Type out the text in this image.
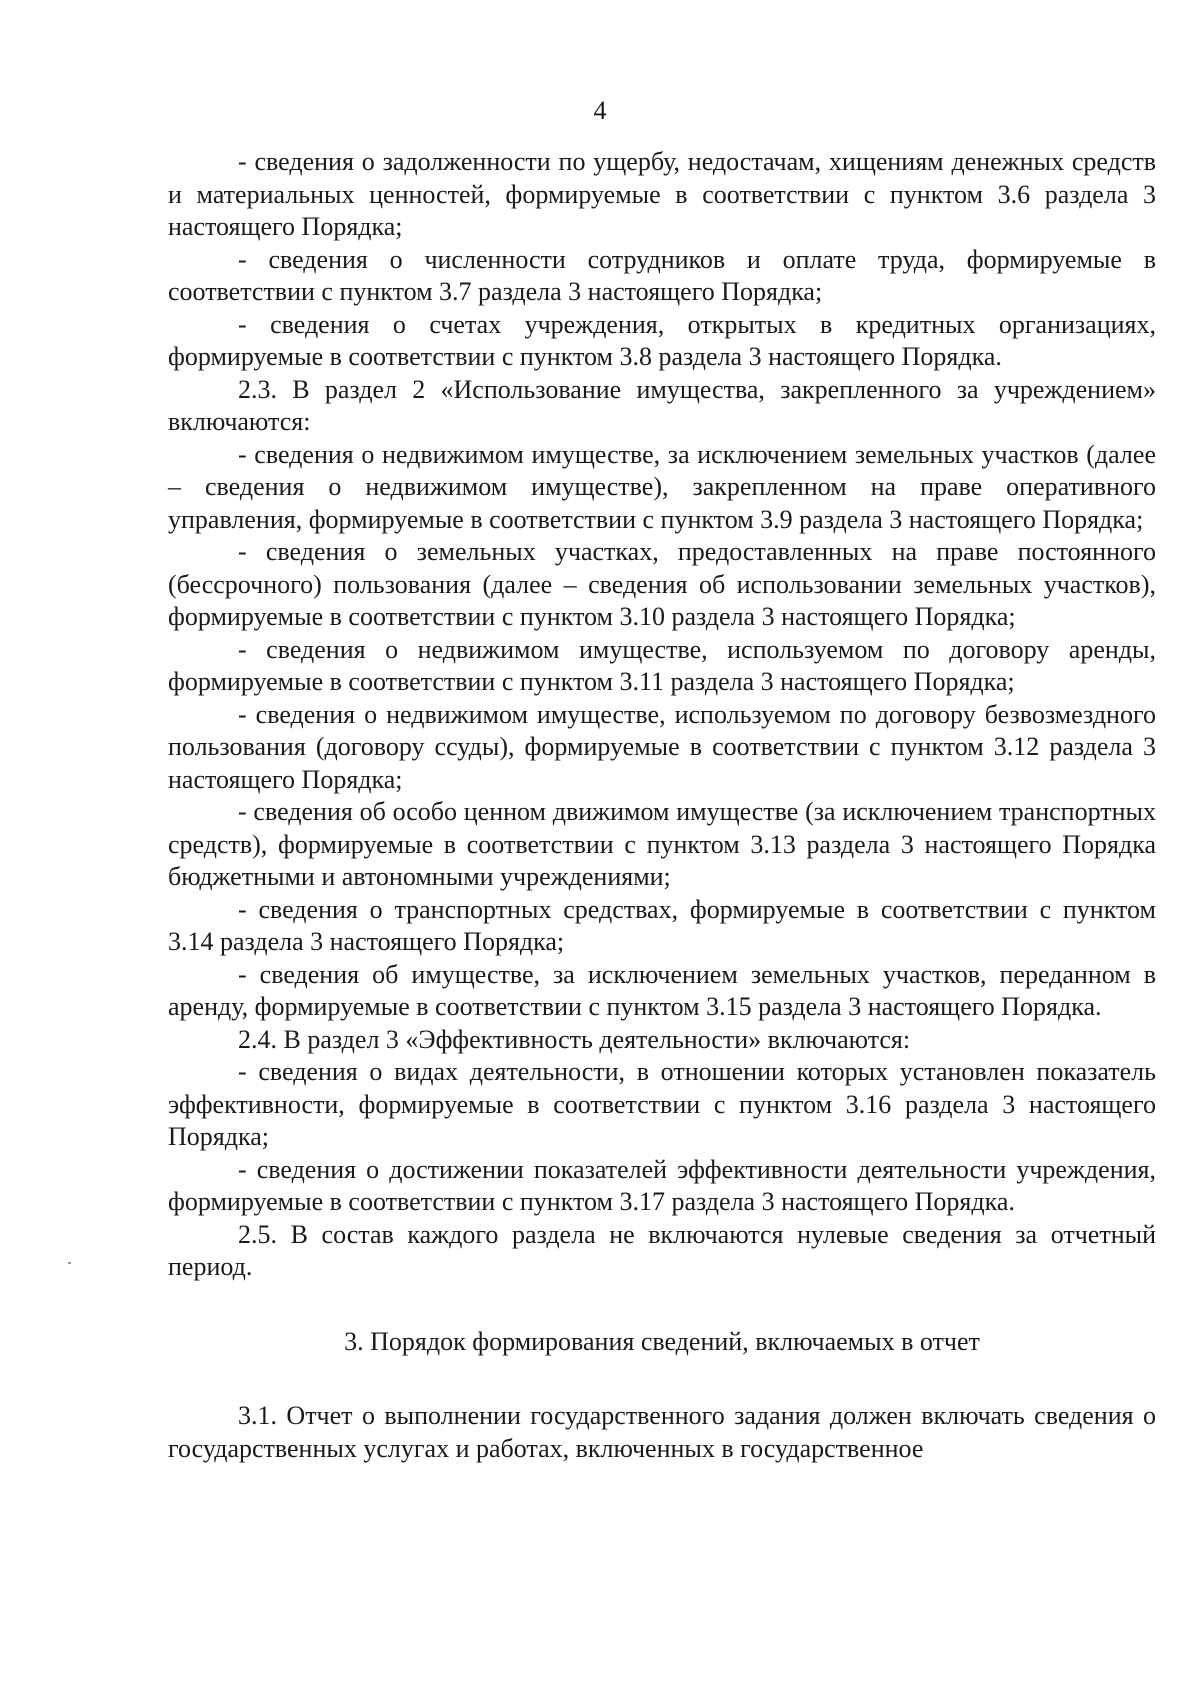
4

- сведения о задолженности по ущербу, недостачам, хищениям денежных средств и материальных ценностей, формируемые в соответствии с пунктом 3.6 раздела 3 настоящего Порядка;

- сведения о численности сотрудников и оплате труда, формируемые в соответствии с пунктом 3.7 раздела 3 настоящего Порядка;

- сведения о счетах учреждения, открытых в кредитных организациях, формируемые в соответствии с пунктом 3.8 раздела 3 настоящего Порядка.

2.3. В раздел 2 «Использование имущества, закрепленного за учреждением» включаются:

- сведения о недвижимом имуществе, за исключением земельных участков (далее – сведения о недвижимом имуществе), закрепленном на праве оперативного управления, формируемые в соответствии с пунктом 3.9 раздела 3 настоящего Порядка;

- сведения о земельных участках, предоставленных на праве постоянного (бессрочного) пользования (далее – сведения об использовании земельных участков), формируемые в соответствии с пунктом 3.10 раздела 3 настоящего Порядка;

- сведения о недвижимом имуществе, используемом по договору аренды, формируемые в соответствии с пунктом 3.11 раздела 3 настоящего Порядка;

- сведения о недвижимом имуществе, используемом по договору безвозмездного пользования (договору ссуды), формируемые в соответствии с пунктом 3.12 раздела 3 настоящего Порядка;

- сведения об особо ценном движимом имуществе (за исключением транспортных средств), формируемые в соответствии с пунктом 3.13 раздела 3 настоящего Порядка бюджетными и автономными учреждениями;

- сведения о транспортных средствах, формируемые в соответствии с пунктом 3.14 раздела 3 настоящего Порядка;

- сведения об имуществе, за исключением земельных участков, переданном в аренду, формируемые в соответствии с пунктом 3.15 раздела 3 настоящего Порядка.

2.4. В раздел 3 «Эффективность деятельности» включаются:

- сведения о видах деятельности, в отношении которых установлен показатель эффективности, формируемые в соответствии с пунктом 3.16 раздела 3 настоящего Порядка;

- сведения о достижении показателей эффективности деятельности учреждения, формируемые в соответствии с пунктом 3.17 раздела 3 настоящего Порядка.

2.5. В состав каждого раздела не включаются нулевые сведения за отчетный период.

3. Порядок формирования сведений, включаемых в отчет

3.1. Отчет о выполнении государственного задания должен включать сведения о государственных услугах и работах, включенных в государственное
